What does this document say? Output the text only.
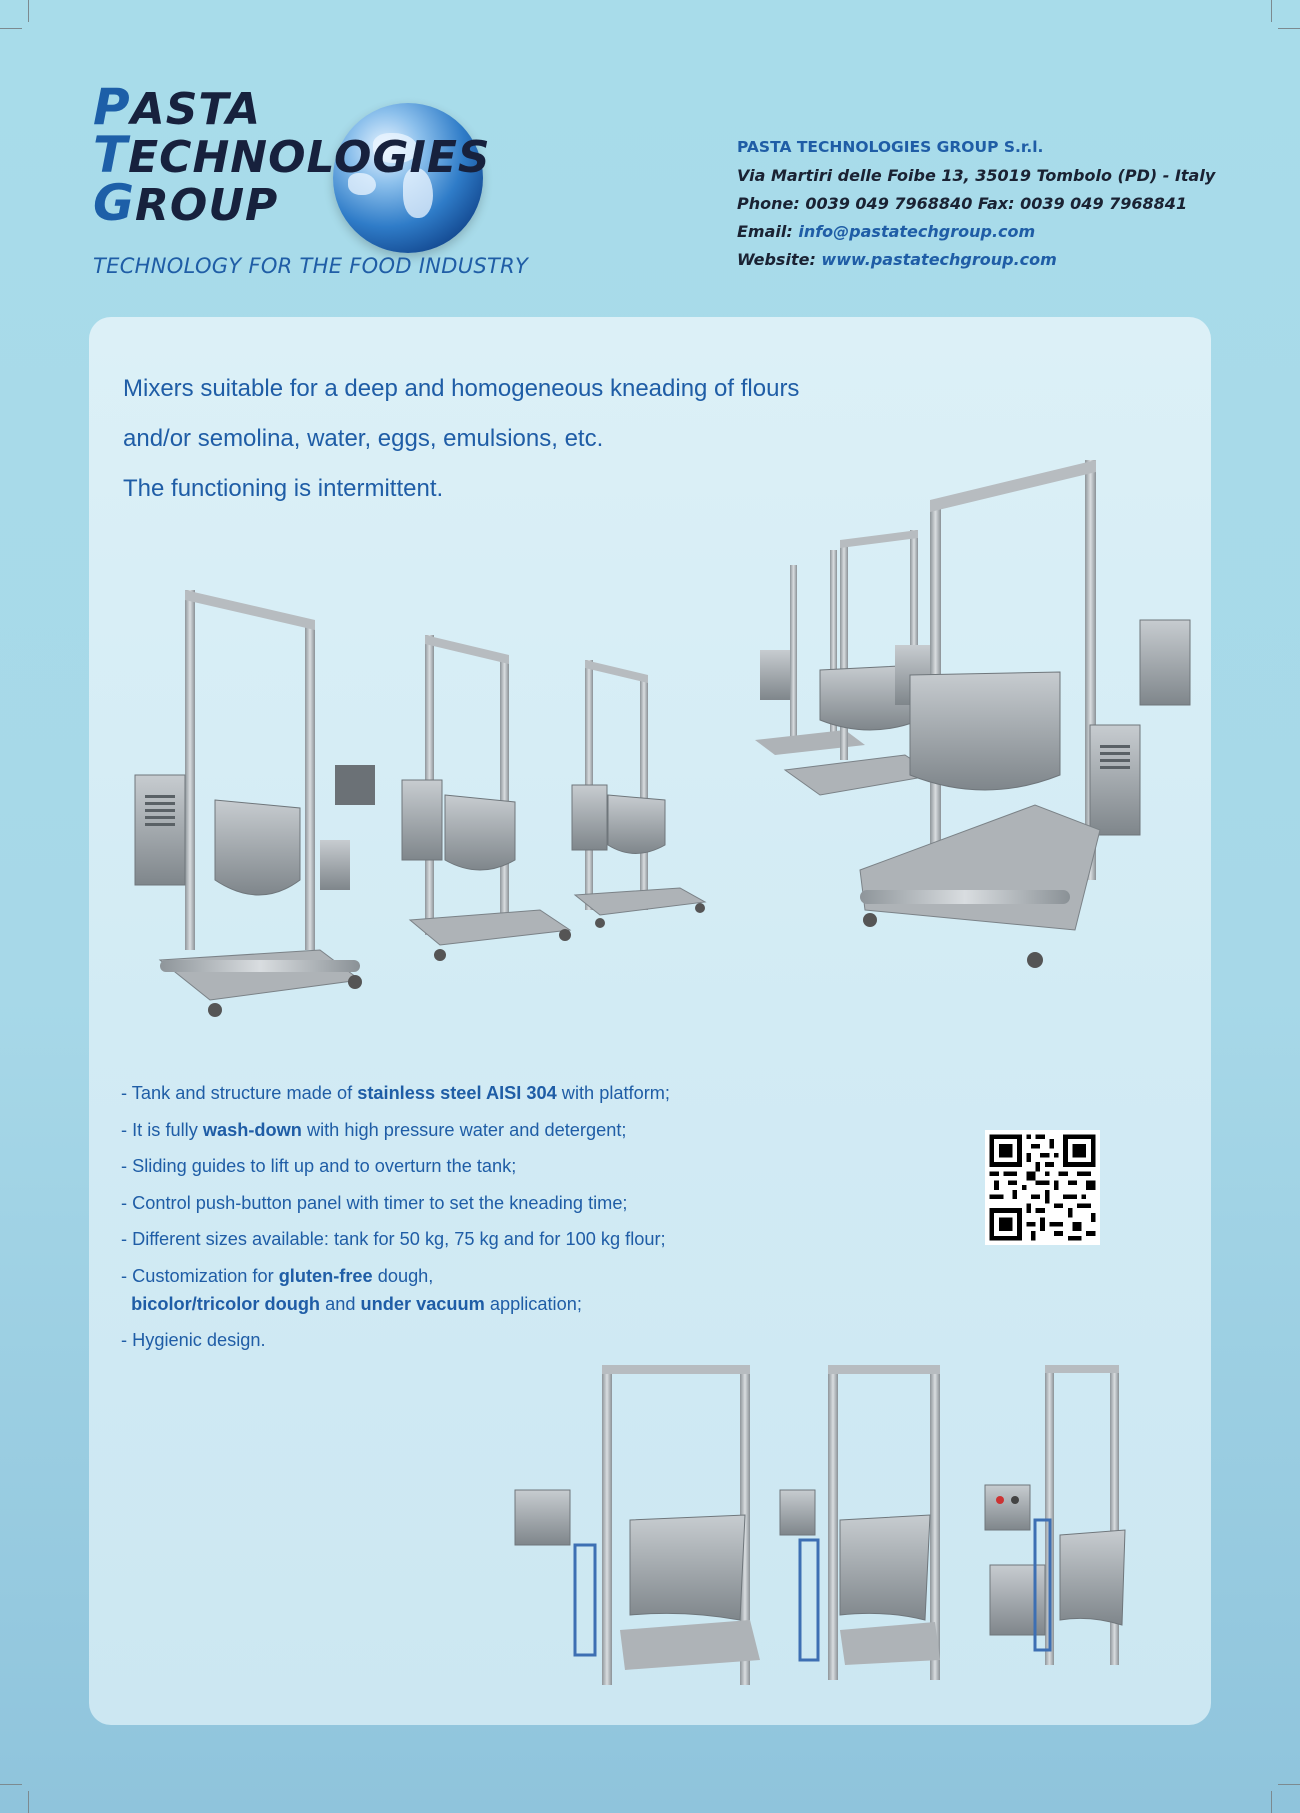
PASTA
TECHNOLOGIES
GROUP
TECHNOLOGY FOR THE FOOD INDUSTRY
PASTA TECHNOLOGIES GROUP S.r.l.
Via Martiri delle Foibe 13, 35019 Tombolo (PD) - Italy
Phone: 0039 049 7968840 Fax: 0039 049 7968841
Email: info@pastatechgroup.com
Website: www.pastatechgroup.com
Mixers suitable for a deep and homogeneous kneading of flours
and/or semolina, water, eggs, emulsions, etc.
The functioning is intermittent.
- Tank and structure made of stainless steel AISI 304 with platform;
- It is fully wash-down with high pressure water and detergent;
- Sliding guides to lift up and to overturn the tank;
- Control push-button panel with timer to set the kneading time;
- Different sizes available: tank for 50 kg, 75 kg and for 100 kg flour;
- Customization for gluten-free dough,
bicolor/tricolor dough and under vacuum application;
- Hygienic design.
